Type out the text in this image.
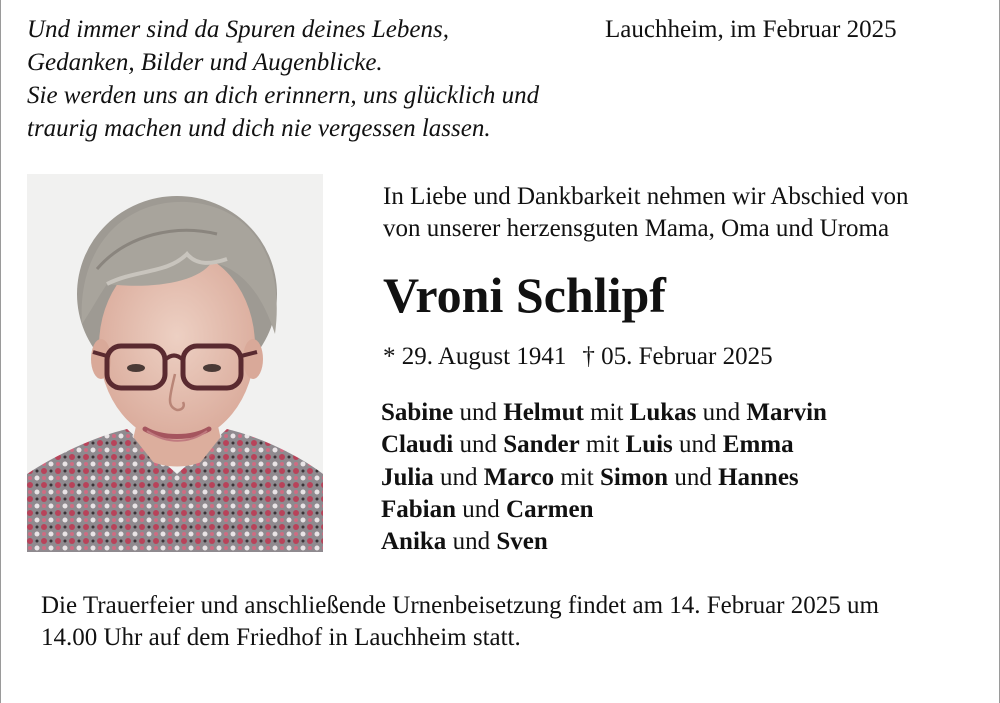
Und immer sind da Spuren deines Lebens,
Gedanken, Bilder und Augenblicke.
Sie werden uns an dich erinnern, uns glücklich und
traurig machen und dich nie vergessen lassen.
Lauchheim, im Februar 2025
In Liebe und Dankbarkeit nehmen wir Abschied von
von unserer herzensguten Mama, Oma und Uroma
Vroni Schlipf
* 29. August 1941 † 05. Februar 2025
Sabine und Helmut mit Lukas und Marvin
Claudi und Sander mit Luis und Emma
Julia und Marco mit Simon und Hannes
Fabian und Carmen
Anika und Sven
Die Trauerfeier und anschließende Urnenbeisetzung findet am 14. Februar 2025 um
14.00 Uhr auf dem Friedhof in Lauchheim statt.
